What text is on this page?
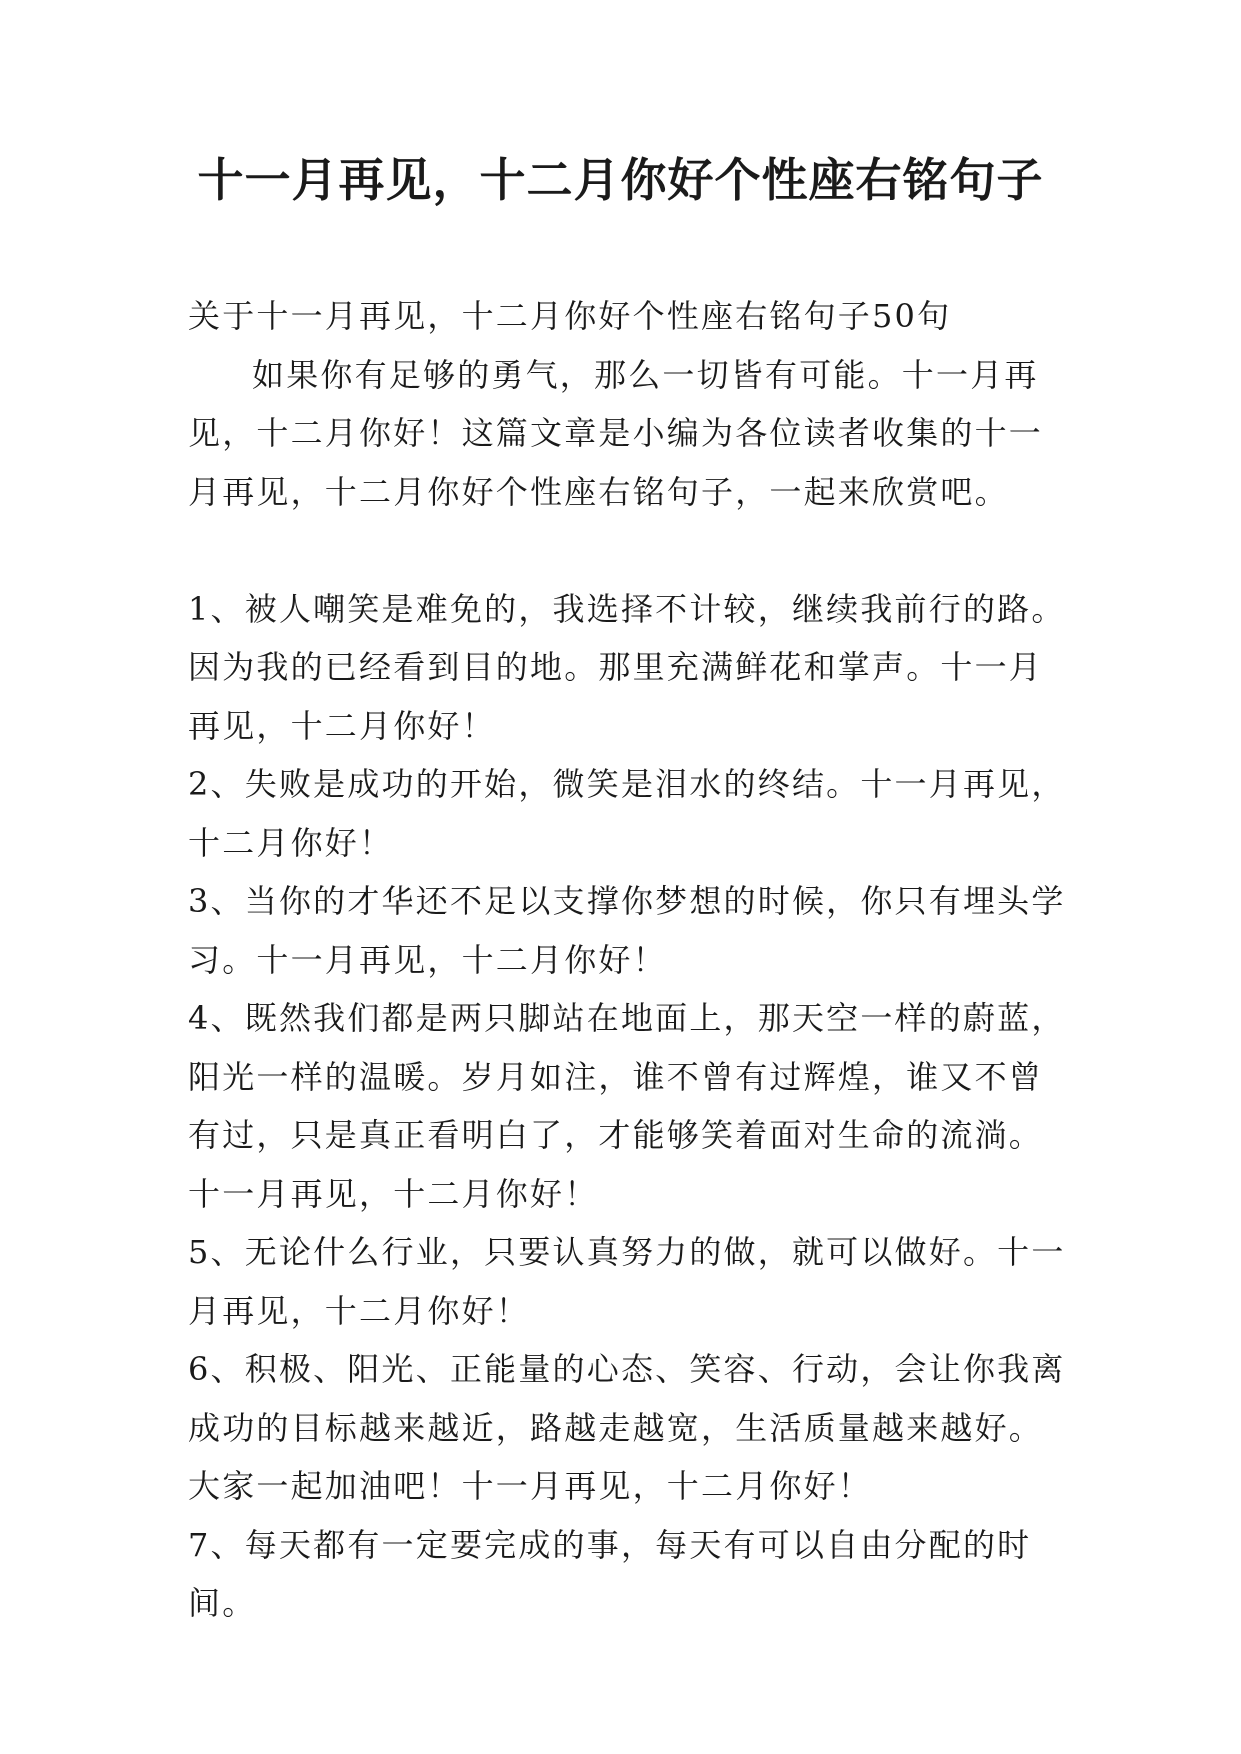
十一月再见，十二月你好个性座右铭句子

关于十一月再见，十二月你好个性座右铭句子50句

如果你有足够的勇气，那么一切皆有可能。十一月再见，十二月你好！这篇文章是小编为各位读者收集的十一月再见，十二月你好个性座右铭句子，一起来欣赏吧。

1、被人嘲笑是难免的，我选择不计较，继续我前行的路。因为我的已经看到目的地。那里充满鲜花和掌声。十一月再见，十二月你好！

2、失败是成功的开始，微笑是泪水的终结。十一月再见，十二月你好！

3、当你的才华还不足以支撑你梦想的时候，你只有埋头学习。十一月再见，十二月你好！

4、既然我们都是两只脚站在地面上，那天空一样的蔚蓝，阳光一样的温暖。岁月如注，谁不曾有过辉煌，谁又不曾有过，只是真正看明白了，才能够笑着面对生命的流淌。十一月再见，十二月你好！

5、无论什么行业，只要认真努力的做，就可以做好。十一月再见，十二月你好！

6、积极、阳光、正能量的心态、笑容、行动，会让你我离成功的目标越来越近，路越走越宽，生活质量越来越好。大家一起加油吧！十一月再见，十二月你好！

7、每天都有一定要完成的事，每天有可以自由分配的时间。
